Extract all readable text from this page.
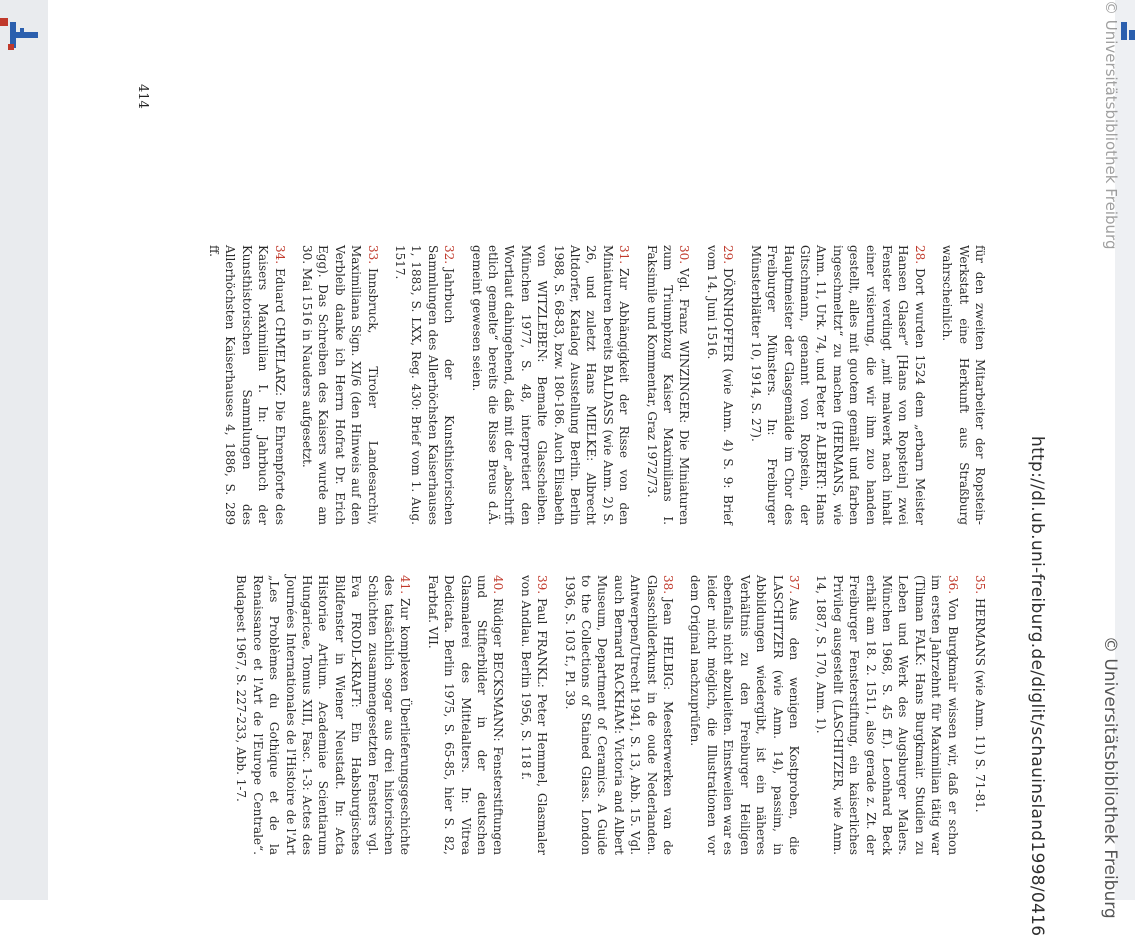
414

für den zweiten Mitarbeiter der Ropstein-Werkstatt eine Herkunft aus Straßburg wahrscheinlich.

28.Dort wurden 1524 dem „erbarn Meister Hansen Glaser“ [Hans von Ropstein] zwei Fenster verdingt „mit malwerk nach inhalt einer visierung, die wir ihm zuo handen gestellt, alles mit guotem gemält und farben ingeschmeltzt“ zu machen (HERMANS, wie Anm. 11, Urk. 74, und Peter P. ALBERT: Hans Gitschmann, genannt von Ropstein, der Hauptmeister der Glasgemälde im Chor des Freiburger Münsters. In: Freiburger Münsterblätter 10, 1914, S. 27).

29.DÖRNHOFFER (wie Anm. 4) S. 9: Brief vom 14. Juni 1516.

30.Vgl. Franz WINZINGER: Die Miniaturen zum Triumphzug Kaiser Maximilians I. Faksimile und Kommentar, Graz 1972/73.

31.Zur Abhängigkeit der Risse von den Miniaturen bereits BALDASS (wie Anm. 2) S. 26, und zuletzt Hans MIELKE: Albrecht Altdorfer, Katalog Ausstellung Berlin. Berlin 1988, S. 68-83, bzw. 180-186. Auch Elisabeth von WITZLEBEN: Bemalte Glasscheiben. München 1977, S. 48, interpretiert den Wortlaut dahingehend, daß mit der „abschrift etlich gemelte“ bereits die Risse Breus d.Ä. gemeint gewesen seien.

32.Jahrbuch der Kunsthistorischen Sammlungen des Allerhöchsten Kaiserhauses 1, 1883, S. LXX, Reg. 430: Brief vom 1. Aug. 1517.

33.Innsbruck, Tiroler Landesarchiv, Maximiliana Sign. XI/6 (den Hinweis auf den Verbleib danke ich Herrn Hofrat Dr. Erich Egg). Das Schreiben des Kaisers wurde am 30. Mai 1516 in Nauders aufgesetzt.

34.Eduard CHMELARZ: Die Ehrenpforte des Kaisers Maximilian I. In: Jahrbuch der Kunsthistorischen Sammlungen des Allerhöchsten Kaiserhauses 4, 1886, S. 289 ff.

35.HERMANS (wie Anm. 11) S. 71-81.

36.Von Burgkmair wissen wir, daß er schon im ersten Jahrzehnt für Maximilian tätig war (Tilman FALK: Hans Burgkmair. Studien zu Leben und Werk des Augsburger Malers. München 1968, S. 45 ff.). Leonhard Beck erhält am 18. 2. 1511, also gerade z. Zt. der Freiburger Fensterstiftung, ein kaiserliches Privileg ausgestellt (LASCHITZER, wie Anm. 14, 1887, S. 170, Anm. 1).

37.Aus den wenigen Kostproben, die LASCHITZER (wie Anm. 14), passim, in Abbildungen wiedergibt, ist ein näheres Verhältnis zu den Freiburger Heiligen ebenfalls nicht abzuleiten. Einstweilen war es leider nicht möglich, die Illustrationen vor dem Original nachzuprüfen.

38.Jean HELBIG: Meesterwerken van de Glasschilderkunst in de oude Nederlanden. Antwerpen/Utrecht 1941, S. 13, Abb. 15. Vgl. auch Bernard RACKHAM: Victoria and Albert Museum, Department of Ceramics. A Guide to the Collections of Stained Glass. London 1936, S. 103 f., Pl. 39.

39.Paul FRANKL: Peter Hemmel, Glasmaler von Andlau. Berlin 1956, S. 118 f.

40.Rüdiger BECKSMANN: Fensterstiftungen und Stifterbilder in der deutschen Glasmalerei des Mittelalters. In: Vitrea Dedicata. Berlin 1975, S. 65-85, hier S. 82, Farbtaf. VII.

41.Zur komplexen Überlieferungsgeschichte des tatsächlich sogar aus drei historischen Schichten zusammengesetzten Fensters vgl. Eva FRODL-KRAFT: Ein Habsburgisches Bildfenster in Wiener Neustadt. In: Acta Historiae Artium. Academiae Scientiarum Hungaricae, Tomus XIII, Fasc. 1-3: Actes des Journées Internationales de l'Histoire de l'Art „Les Problèmes du Gothique et de la Renaissance et l'Art de l'Europe Centrale“. Budapest 1967, S. 227-233, Abb. 1-7.	http://dl.ub.uni-freiburg.de/diglit/schauinsland1998/0416	© Universitätsbibliothek Freiburg
© Universitätsbibliothek Freiburg
